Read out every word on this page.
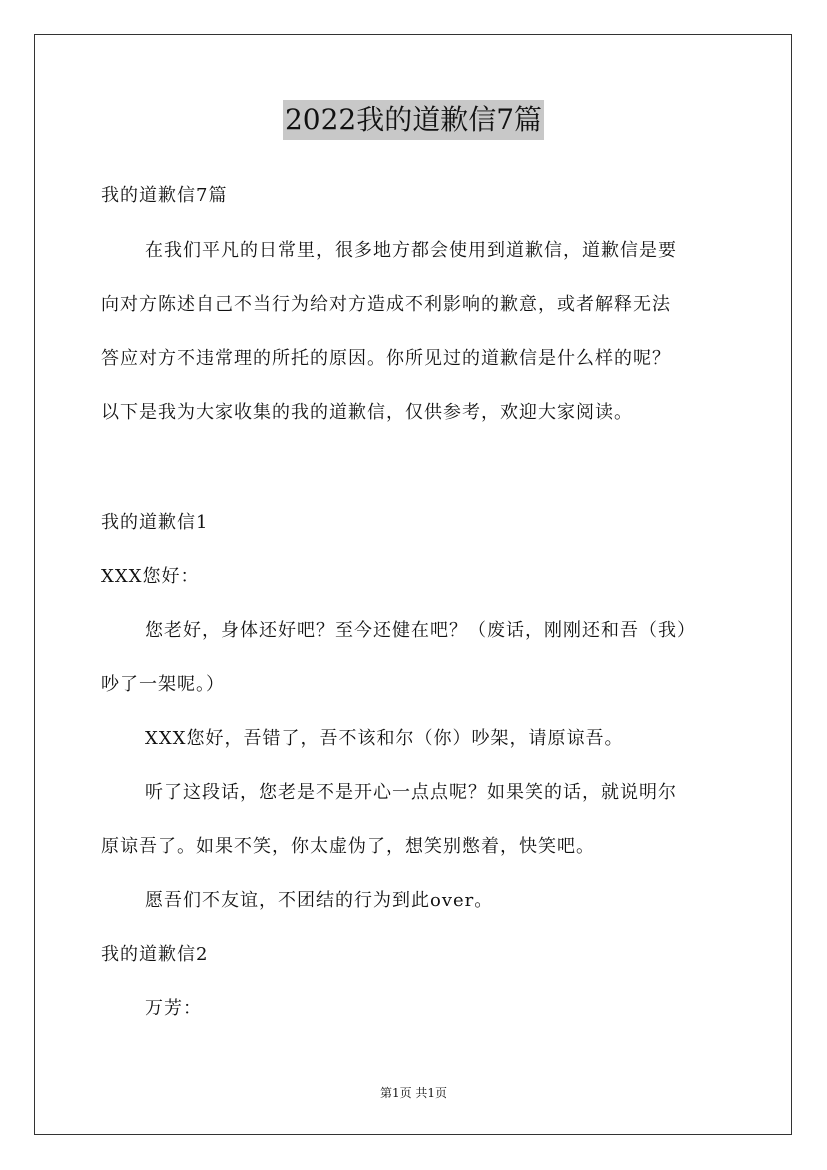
2022我的道歉信7篇
我的道歉信7篇
在我们平凡的日常里，很多地方都会使用到道歉信，道歉信是要
向对方陈述自己不当行为给对方造成不利影响的歉意，或者解释无法
答应对方不违常理的所托的原因。你所见过的道歉信是什么样的呢？
以下是我为大家收集的我的道歉信，仅供参考，欢迎大家阅读。
我的道歉信1
XXX您好：
您老好，身体还好吧？至今还健在吧？（废话，刚刚还和吾（我）
吵了一架呢。）
XXX您好，吾错了，吾不该和尔（你）吵架，请原谅吾。
听了这段话，您老是不是开心一点点呢？如果笑的话，就说明尔
原谅吾了。如果不笑，你太虚伪了，想笑别憋着，快笑吧。
愿吾们不友谊，不团结的行为到此over。
我的道歉信2
万芳：
第1页 共1页
